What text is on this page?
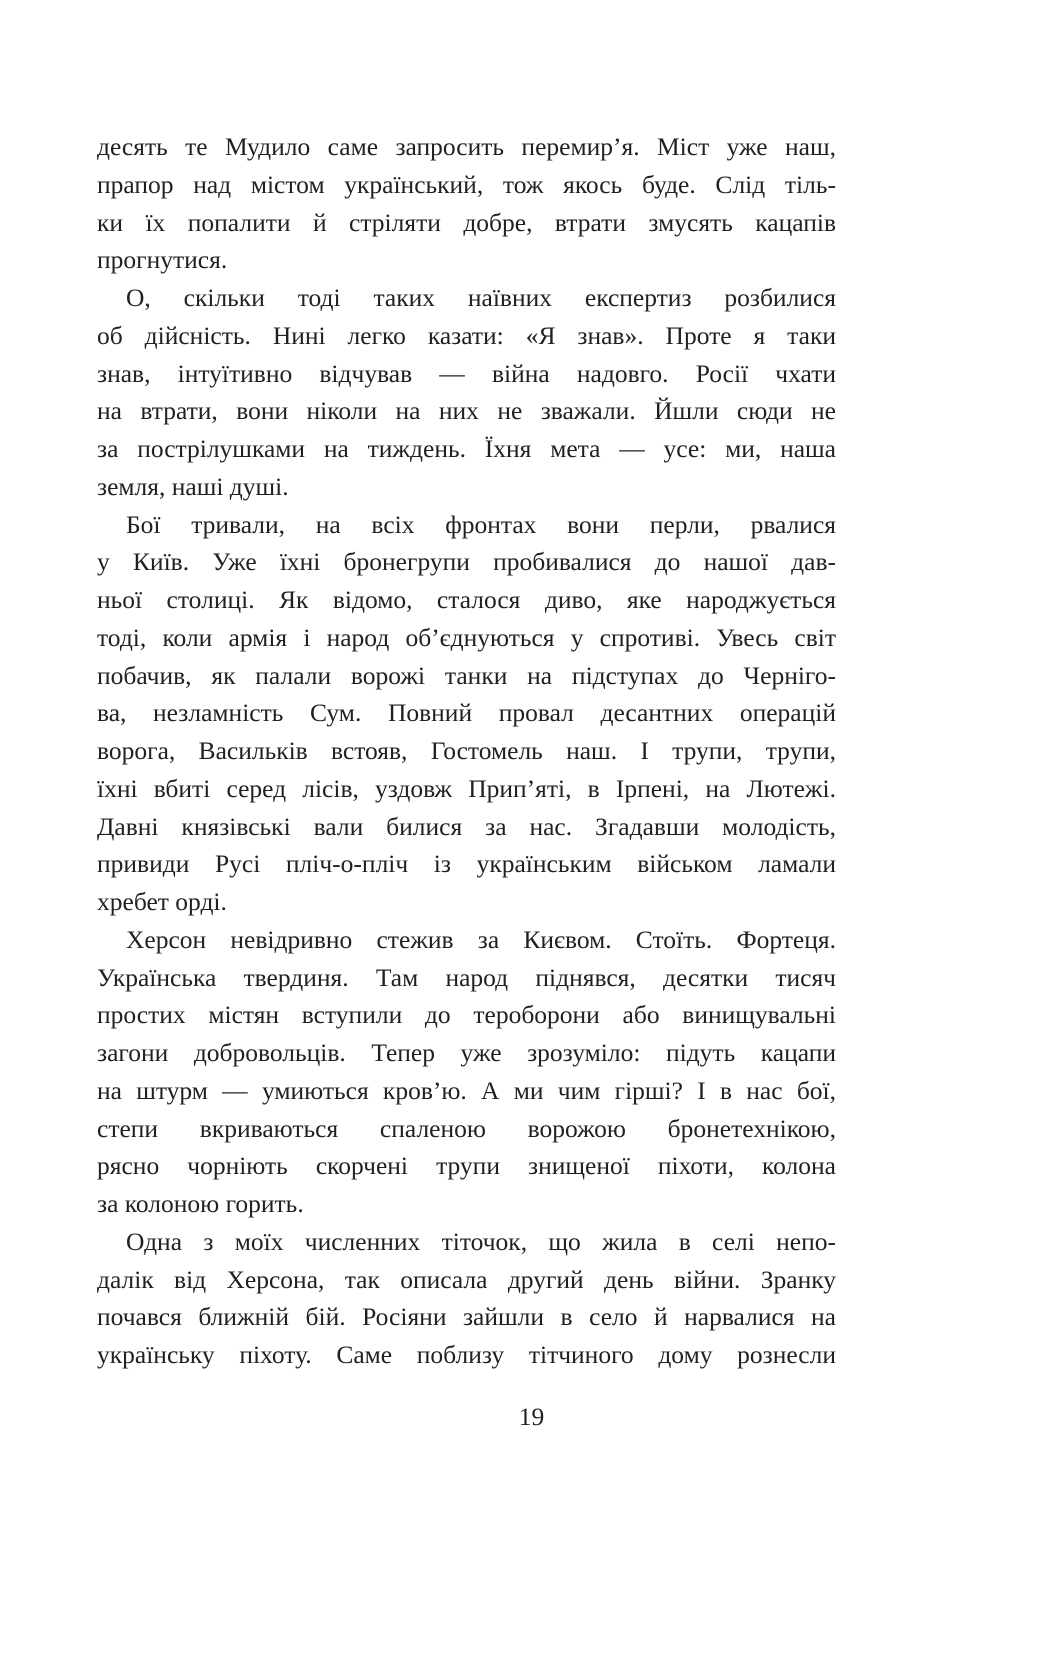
десять те Мудило саме запросить перемир’я. Міст уже наш,
прапор над містом український, тож якось буде. Слід тіль-
ки їх попалити й стріляти добре, втрати змусять кацапів
прогнутися.
О, скільки тоді таких наївних експертиз розбилися
об дійсність. Нині легко казати: «Я знав». Проте я таки
знав, інтуїтивно відчував — війна надовго. Росії чхати
на втрати, вони ніколи на них не зважали. Йшли сюди не
за пострілушками на тиждень. Їхня мета — усе: ми, наша
земля, наші душі.
Бої тривали, на всіх фронтах вони перли, рвалися
у Київ. Уже їхні бронегрупи пробивалися до нашої дав-
ньої столиці. Як відомо, сталося диво, яке народжується
тоді, коли армія і народ об’єднуються у спротиві. Увесь світ
побачив, як палали ворожі танки на підступах до Черніго-
ва, незламність Сум. Повний провал десантних операцій
ворога, Васильків встояв, Гостомель наш. І трупи, трупи,
їхні вбиті серед лісів, уздовж Прип’яті, в Ірпені, на Лютежі.
Давні князівські вали билися за нас. Згадавши молодість,
привиди Русі пліч-о-пліч із українським військом ламали
хребет орді.
Херсон невідривно стежив за Києвом. Стоїть. Фортеця.
Українська твердиня. Там народ піднявся, десятки тисяч
простих містян вступили до тероборони або винищувальні
загони добровольців. Тепер уже зрозуміло: підуть кацапи
на штурм — умиються кров’ю. А ми чим гірші? І в нас бої,
степи вкриваються спаленою ворожою бронетехнікою,
рясно чорніють скорчені трупи знищеної піхоти, колона
за колоною горить.
Одна з моїх численних тіточок, що жила в селі непо-
далік від Херсона, так описала другий день війни. Зранку
почався ближній бій. Росіяни зайшли в село й нарвалися на
українську піхоту. Саме поблизу тітчиного дому рознесли
19
